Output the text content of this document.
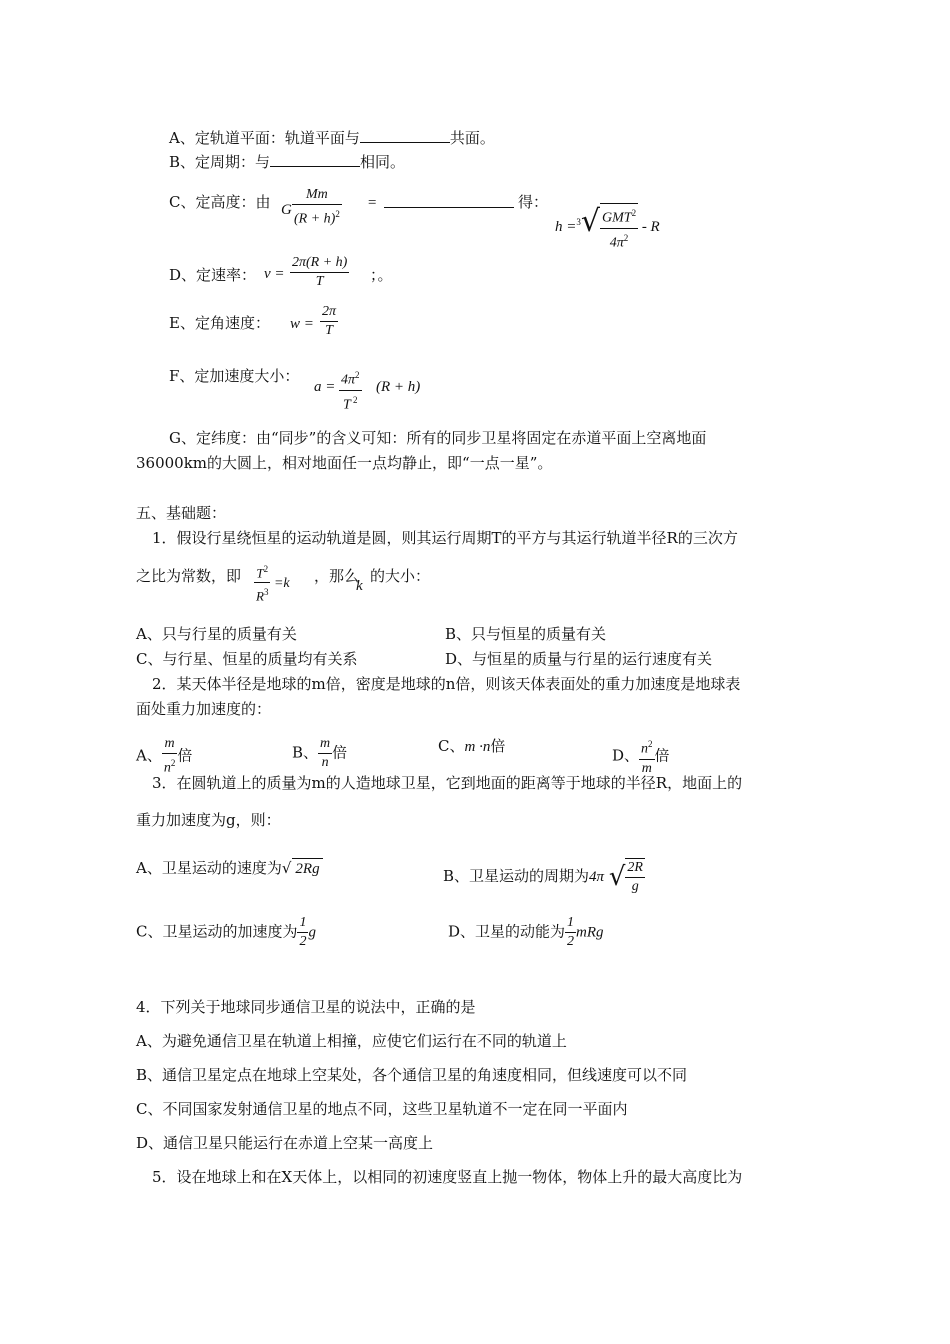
A、定轨道平面：轨道平面与	共面。
B、定周期：与	相同。
C、定高度：由 G $\frac{Mm}{(R + h)^2}$ =	得：
$h =^3√ \frac{GMT^2}{4\pi^2} - R$
D、定速率： $v = \frac{2\pi(R + h)}{T}$ ；。
E、定角速度： $w = \frac{2\pi}{T}$
F、定加速度大小：
$a = \frac{4\pi^2}{T ^2} (R + h)$
G、定纬度：由“同步”的含义可知：所有的同步卫星将固定在赤道平面上空离地面
36000km的大圆上，相对地面任一点均静止，即“一点一星”。
五、基础题：
1．假设行星绕恒星的运动轨道是圆，则其运行周期T的平方与其运行轨道半径R的三次方
之比为常数，即 $\frac{T^2}{R^3} =k$ ，那么
k
的大小：
A、只与行星的质量有关	B、只与恒星的质量有关
C、与行星、恒星的质量均有关系	D、与恒星的质量与行星的运行速度有关
2．某天体半径是地球的m倍，密度是地球的n倍，则该天体表面处的重力加速度是地球表
面处重力加速度的：
A、 $\frac{m}{n^2}$ 倍	B、 $\frac{m}{n}$ 倍	C、m ·n倍
D、 $\frac{n^2}{m}$ 倍
3．在圆轨道上的质量为m的人造地球卫星，它到地面的距离等于地球的半径R，地面上的
重力加速度为g，则：
A、卫星运动的速度为√ 2Rg	B、卫星运动的周期为4π √ $\frac{2R}{g}$
C、卫星运动的加速度为 $\frac{1}{2}$ g	D、卫星的动能为 $\frac{1}{2}$ mRg
4．下列关于地球同步通信卫星的说法中，正确的是
A、为避免通信卫星在轨道上相撞，应使它们运行在不同的轨道上
B、通信卫星定点在地球上空某处，各个通信卫星的角速度相同，但线速度可以不同
C、不同国家发射通信卫星的地点不同，这些卫星轨道不一定在同一平面内
D、通信卫星只能运行在赤道上空某一高度上
5．设在地球上和在X天体上，以相同的初速度竖直上抛一物体，物体上升的最大高度比为
